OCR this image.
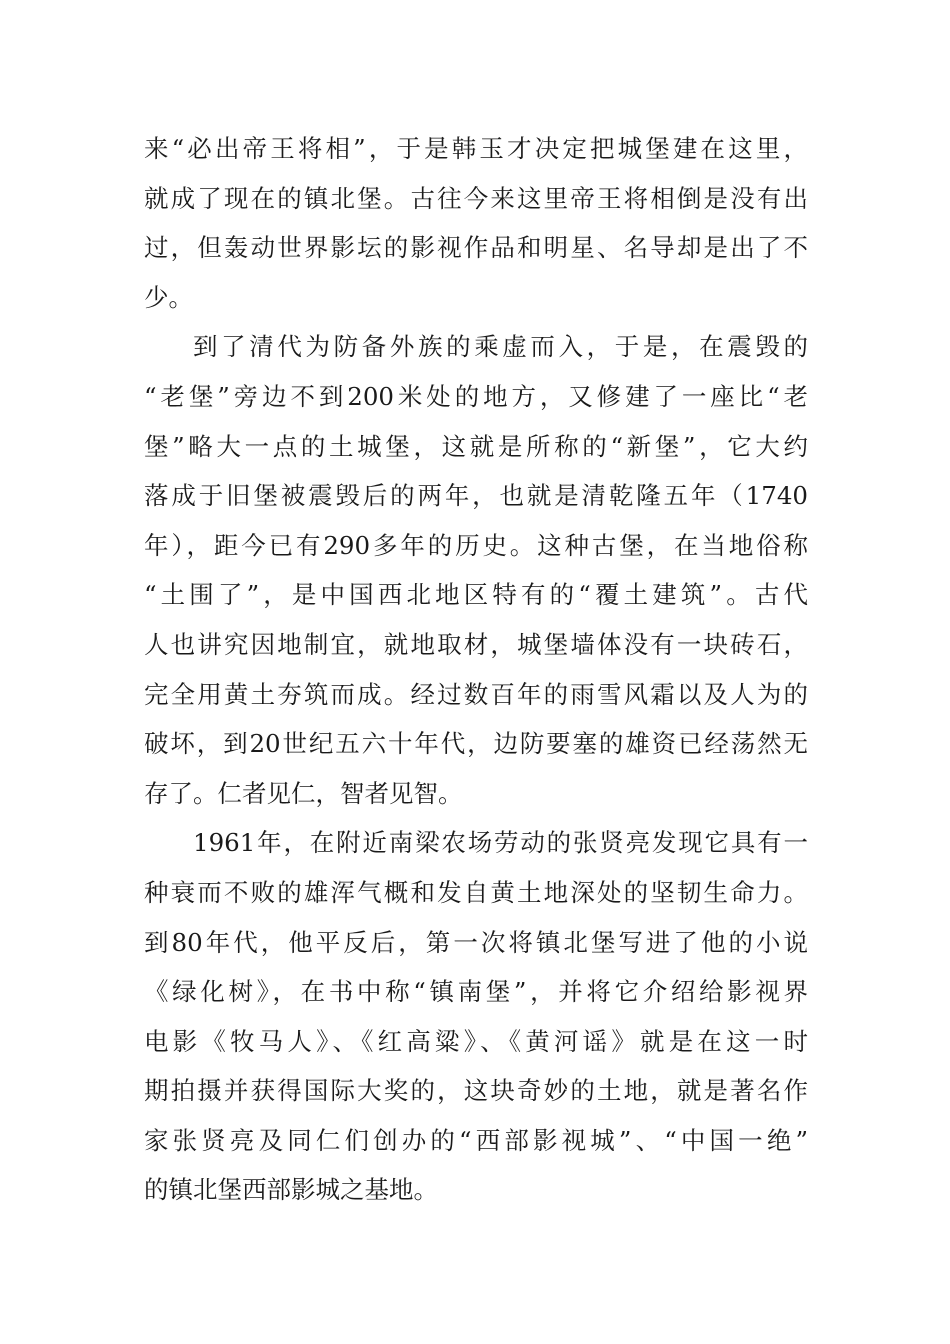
来“必出帝王将相”，于是韩玉才决定把城堡建在这里，
就成了现在的镇北堡。古往今来这里帝王将相倒是没有出
过，但轰动世界影坛的影视作品和明星、名导却是出了不
少。
到了清代为防备外族的乘虚而入，于是，在震毁的
“老堡”旁边不到200米处的地方，又修建了一座比“老
堡”略大一点的土城堡，这就是所称的“新堡”，它大约
落成于旧堡被震毁后的两年，也就是清乾隆五年（1740
年），距今已有290多年的历史。这种古堡，在当地俗称
“土围了”，是中国西北地区特有的“覆土建筑”。古代
人也讲究因地制宜，就地取材，城堡墙体没有一块砖石，
完全用黄土夯筑而成。经过数百年的雨雪风霜以及人为的
破坏，到20世纪五六十年代，边防要塞的雄资已经荡然无
存了。仁者见仁，智者见智。
1961年，在附近南梁农场劳动的张贤亮发现它具有一
种衰而不败的雄浑气概和发自黄土地深处的坚韧生命力。
到80年代，他平反后，第一次将镇北堡写进了他的小说
《绿化树》，在书中称“镇南堡”，并将它介绍给影视界
电影《牧马人》、《红高粱》、《黄河谣》就是在这一时
期拍摄并获得国际大奖的，这块奇妙的土地，就是著名作
家张贤亮及同仁们创办的“西部影视城”、“中国一绝”
的镇北堡西部影城之基地。
